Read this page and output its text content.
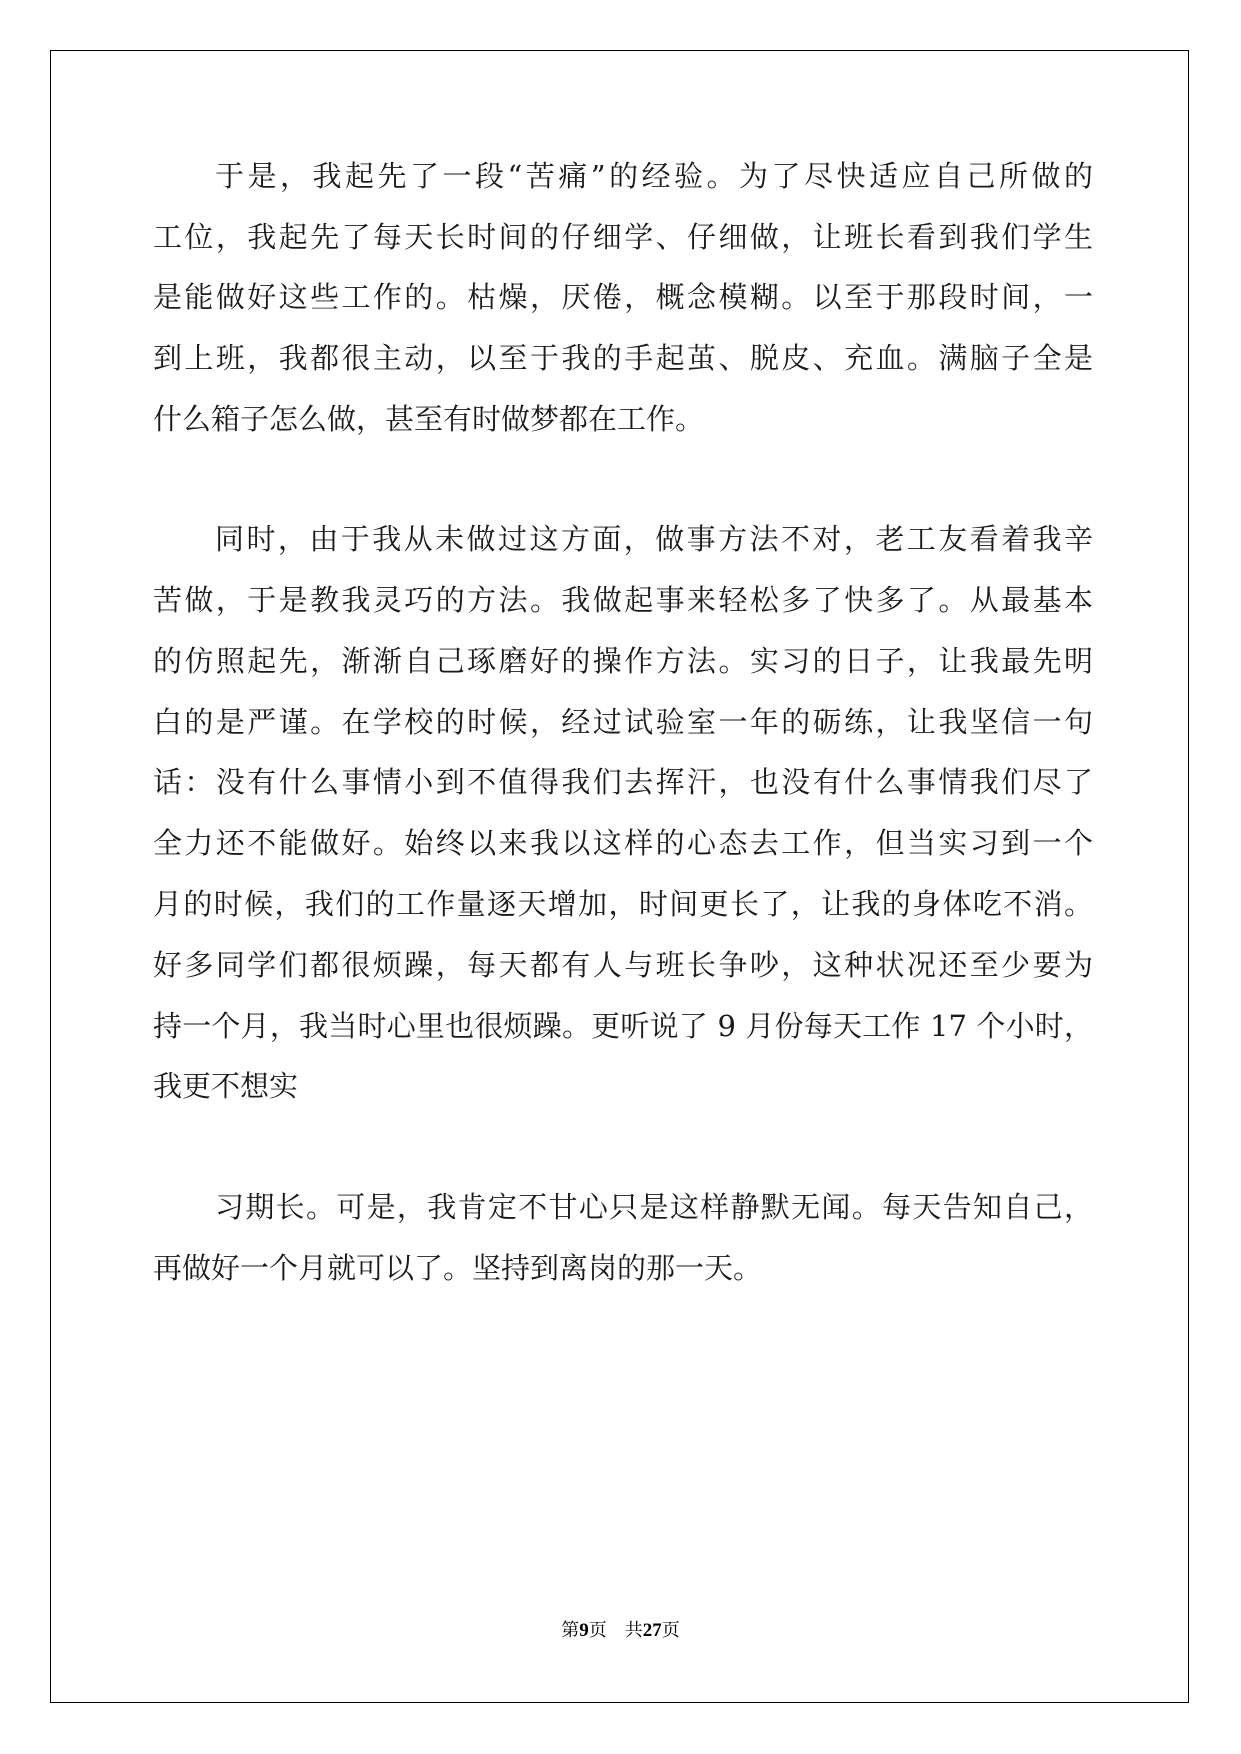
于是，我起先了一段“苦痛”的经验。为了尽快适应自己所做的
工位，我起先了每天长时间的仔细学、仔细做，让班长看到我们学生
是能做好这些工作的。枯燥，厌倦，概念模糊。以至于那段时间，一
到上班，我都很主动，以至于我的手起茧、脱皮、充血。满脑子全是
什么箱子怎么做，甚至有时做梦都在工作。
同时，由于我从未做过这方面，做事方法不对，老工友看着我辛
苦做，于是教我灵巧的方法。我做起事来轻松多了快多了。从最基本
的仿照起先，渐渐自己琢磨好的操作方法。实习的日子，让我最先明
白的是严谨。在学校的时候，经过试验室一年的砺练，让我坚信一句
话：没有什么事情小到不值得我们去挥汗，也没有什么事情我们尽了
全力还不能做好。始终以来我以这样的心态去工作，但当实习到一个
月的时候，我们的工作量逐天增加，时间更长了，让我的身体吃不消。
好多同学们都很烦躁，每天都有人与班长争吵，这种状况还至少要为
持一个月，我当时心里也很烦躁。更听说了 9 月份每天工作 17 个小时，
我更不想实
习期长。可是，我肯定不甘心只是这样静默无闻。每天告知自己，
再做好一个月就可以了。坚持到离岗的那一天。
第9页 共27页
